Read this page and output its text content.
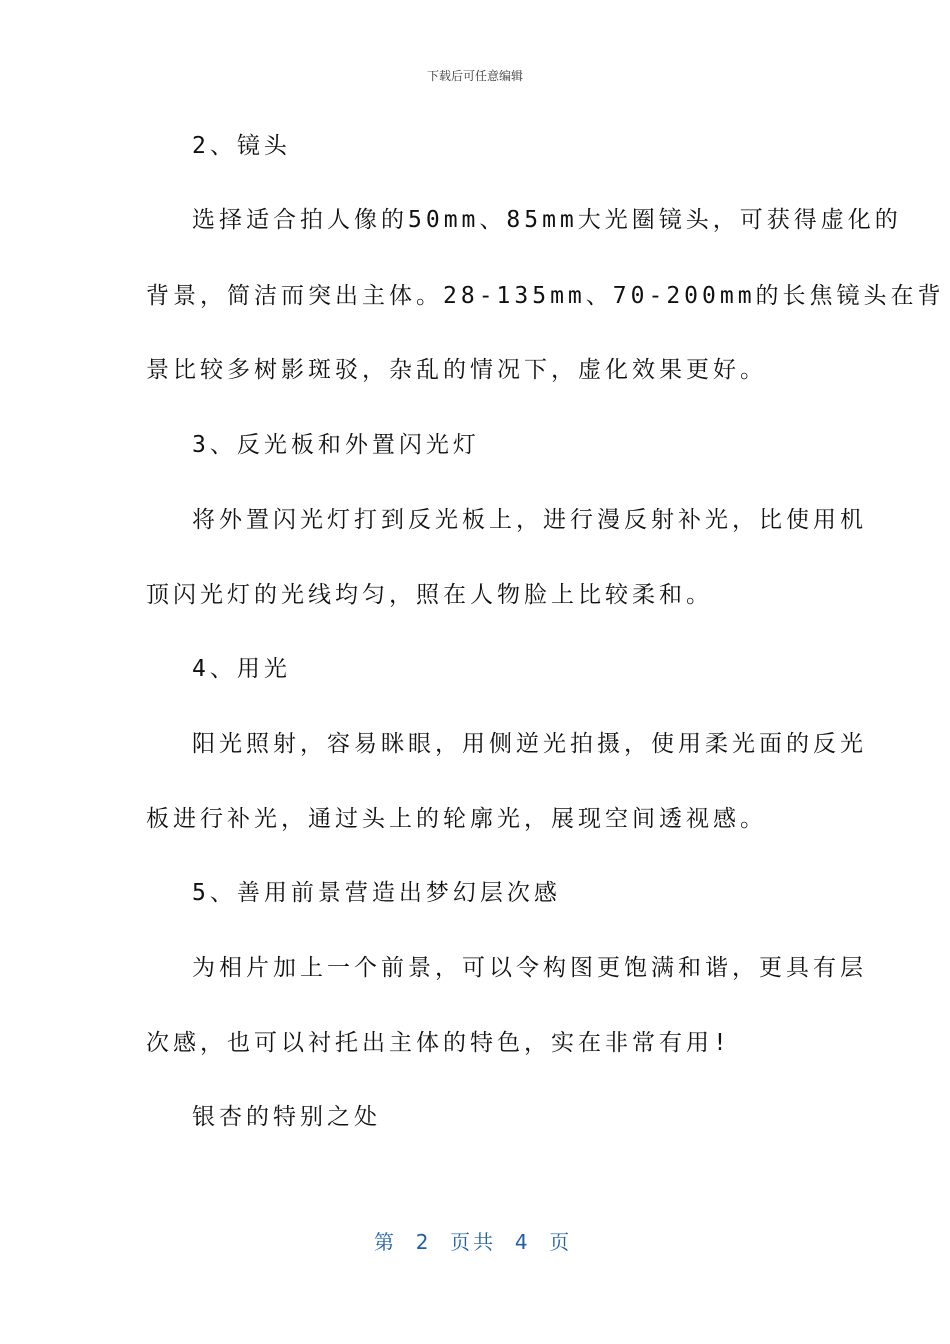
下载后可任意编辑
2、镜头
选择适合拍人像的50mm、85mm大光圈镜头，可获得虚化的
背景，简洁而突出主体。28-135mm、70-200mm的长焦镜头在背
景比较多树影斑驳，杂乱的情况下，虚化效果更好。
3、反光板和外置闪光灯
将外置闪光灯打到反光板上，进行漫反射补光，比使用机
顶闪光灯的光线均匀，照在人物脸上比较柔和。
4、用光
阳光照射，容易眯眼，用侧逆光拍摄，使用柔光面的反光
板进行补光，通过头上的轮廓光，展现空间透视感。
5、善用前景营造出梦幻层次感
为相片加上一个前景，可以令构图更饱满和谐，更具有层
次感，也可以衬托出主体的特色，实在非常有用!
银杏的特别之处
第  2  页共  4  页
